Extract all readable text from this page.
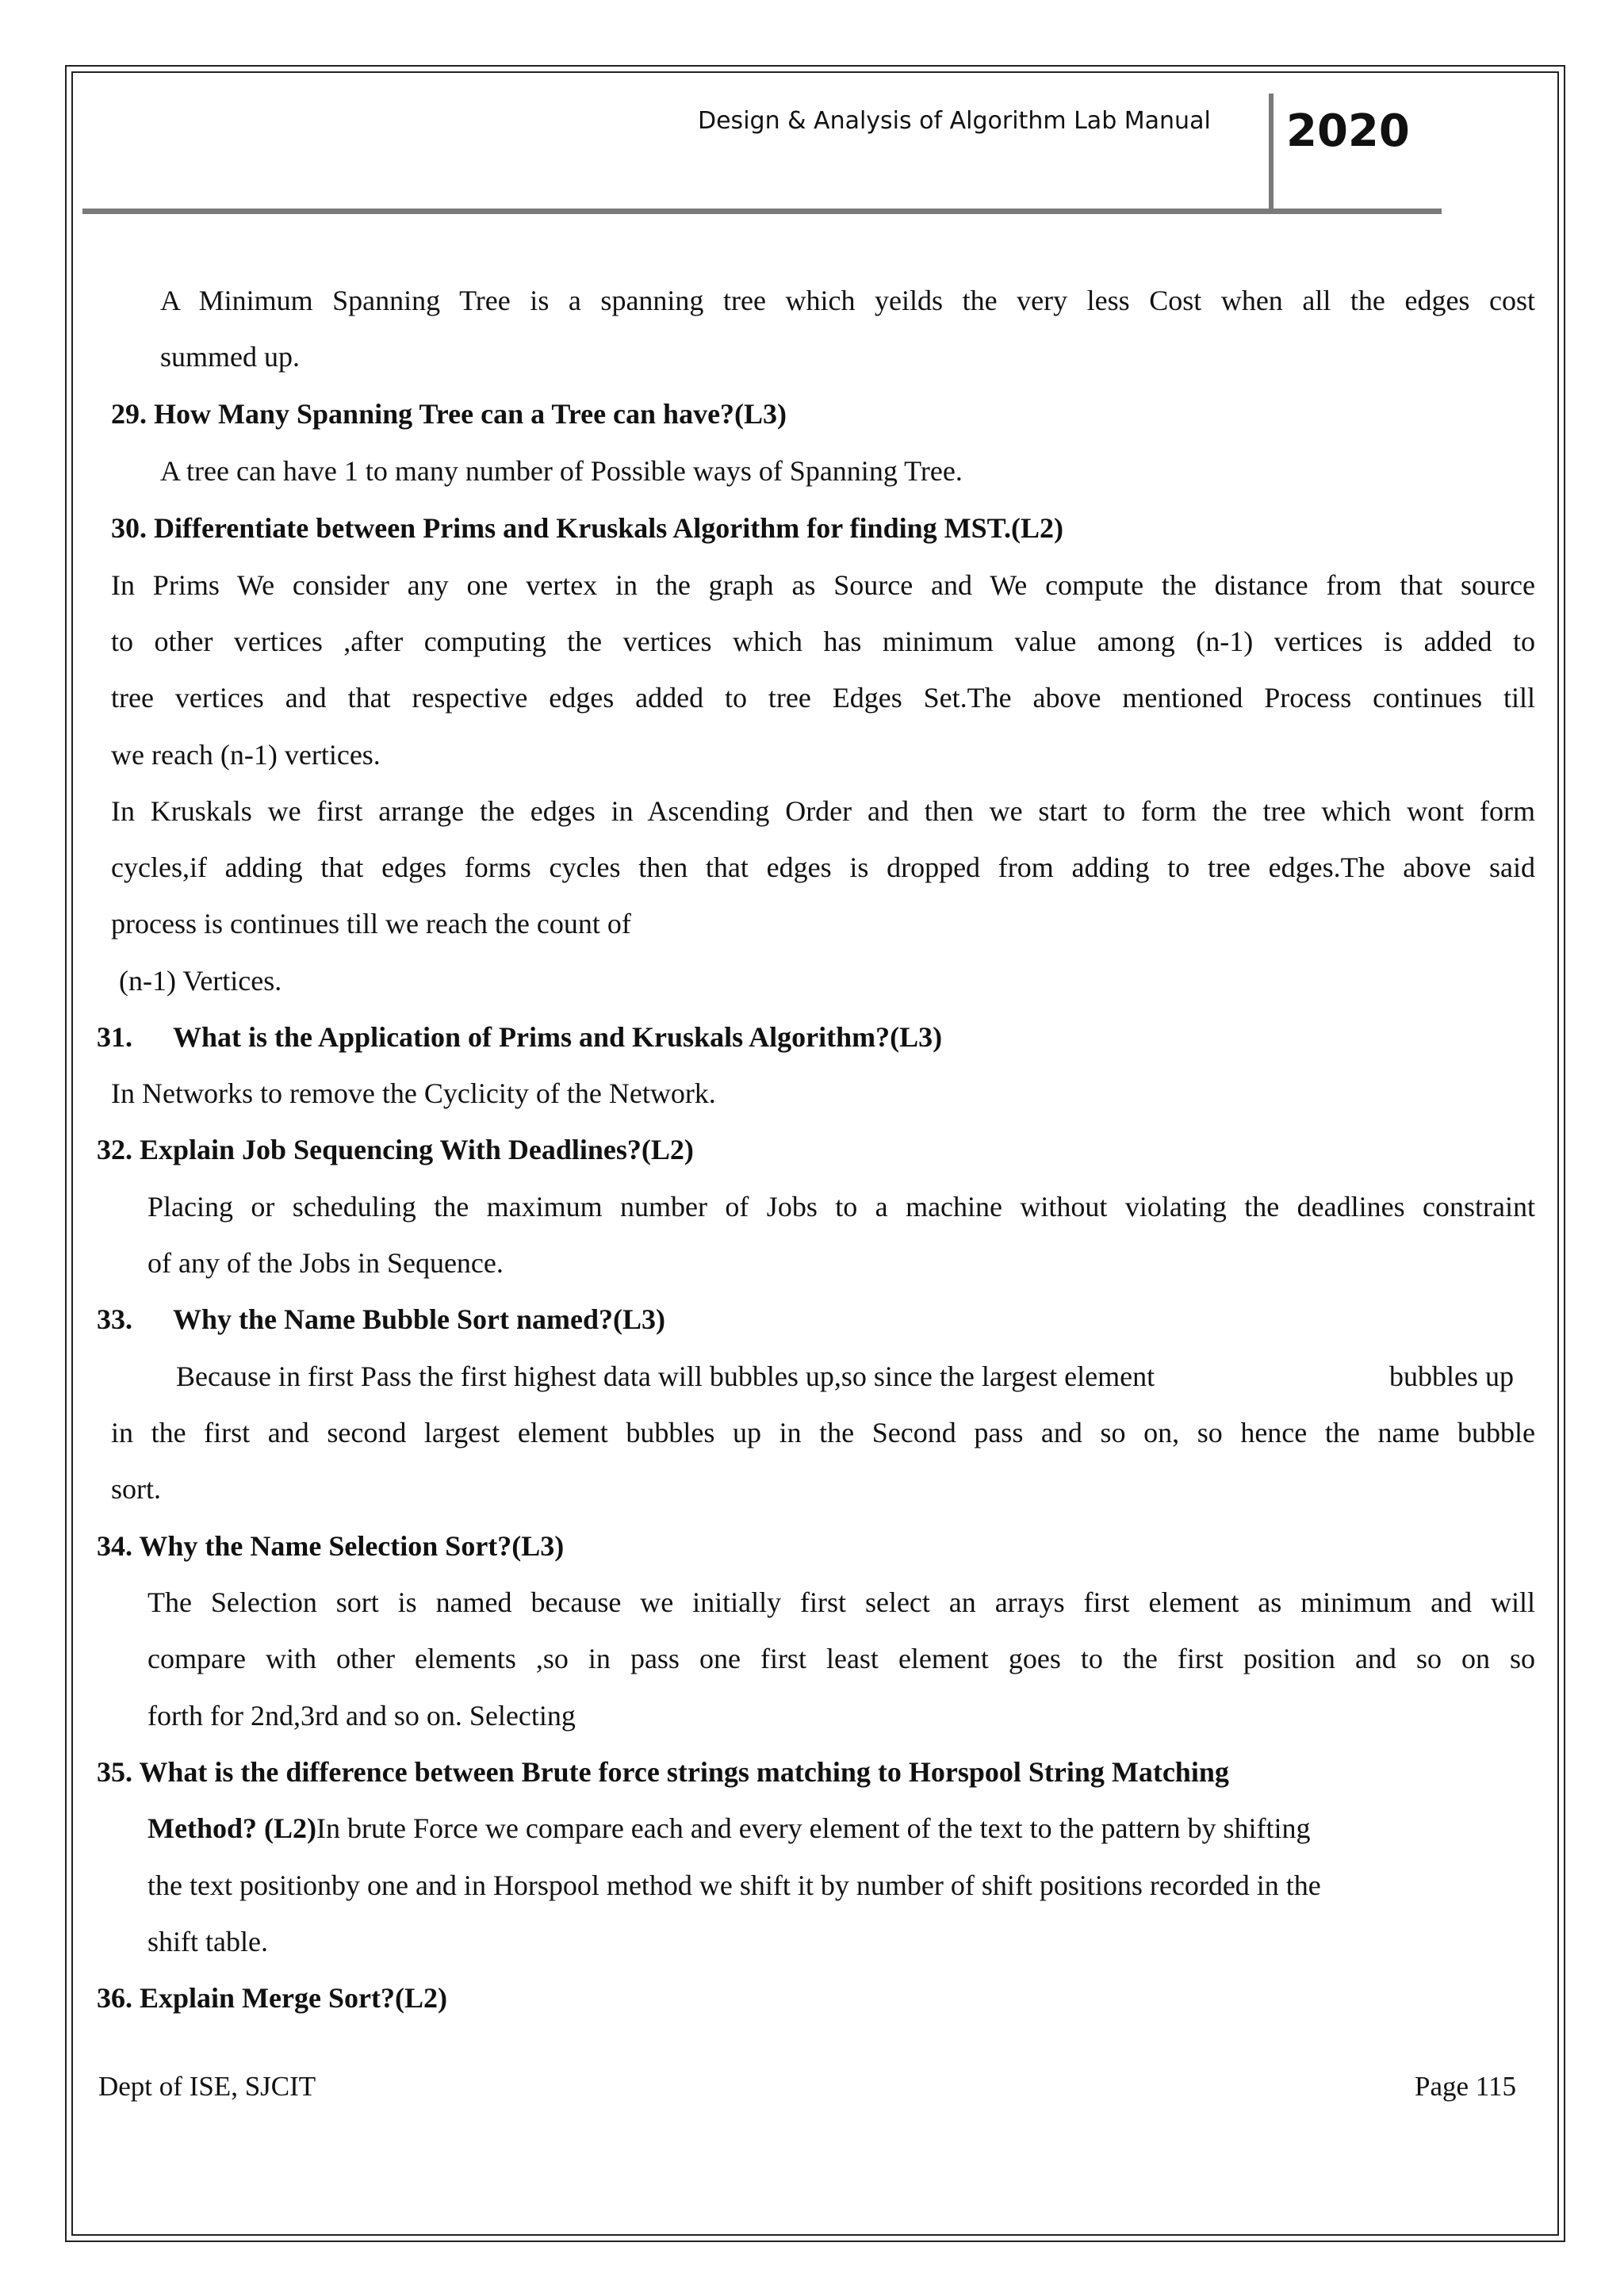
Design & Analysis of Algorithm Lab Manual 2020
A Minimum Spanning Tree is a spanning tree which yeilds the very less Cost when all the edges cost
summed up.
29. How Many Spanning Tree can a Tree can have?(L3)
A tree can have 1 to many number of Possible ways of Spanning Tree.
30. Differentiate between Prims and Kruskals Algorithm for finding MST.(L2)
In Prims We consider any one vertex in the graph as Source and We compute the distance from that source
to other vertices ,after computing the vertices which has minimum value among (n-1) vertices is added to
tree vertices and that respective edges added to tree Edges Set.The above mentioned Process continues till
we reach (n-1) vertices.
In Kruskals we first arrange the edges in Ascending Order and then we start to form the tree which wont form
cycles,if adding that edges forms cycles then that edges is dropped from adding to tree edges.The above said
process is continues till we reach the count of
(n-1) Vertices.
31. What is the Application of Prims and Kruskals Algorithm?(L3)
In Networks to remove the Cyclicity of the Network.
32. Explain Job Sequencing With Deadlines?(L2)
Placing or scheduling the maximum number of Jobs to a machine without violating the deadlines constraint
of any of the Jobs in Sequence.
33. Why the Name Bubble Sort named?(L3)
Because in first Pass the first highest data will bubbles up,so since the largest element	bubbles up
in the first and second largest element bubbles up in the Second pass and so on, so hence the name bubble
sort.
34. Why the Name Selection Sort?(L3)
The Selection sort is named because we initially first select an arrays first element as minimum and will
compare with other elements ,so in pass one first least element goes to the first position and so on so
forth for 2nd,3rd and so on. Selecting
35. What is the difference between Brute force strings matching to Horspool String Matching
Method? (L2)In brute Force we compare each and every element of the text to the pattern by shifting
the text positionby one and in Horspool method we shift it by number of shift positions recorded in the
shift table.
36. Explain Merge Sort?(L2)
Dept of ISE, SJCIT	Page 115
